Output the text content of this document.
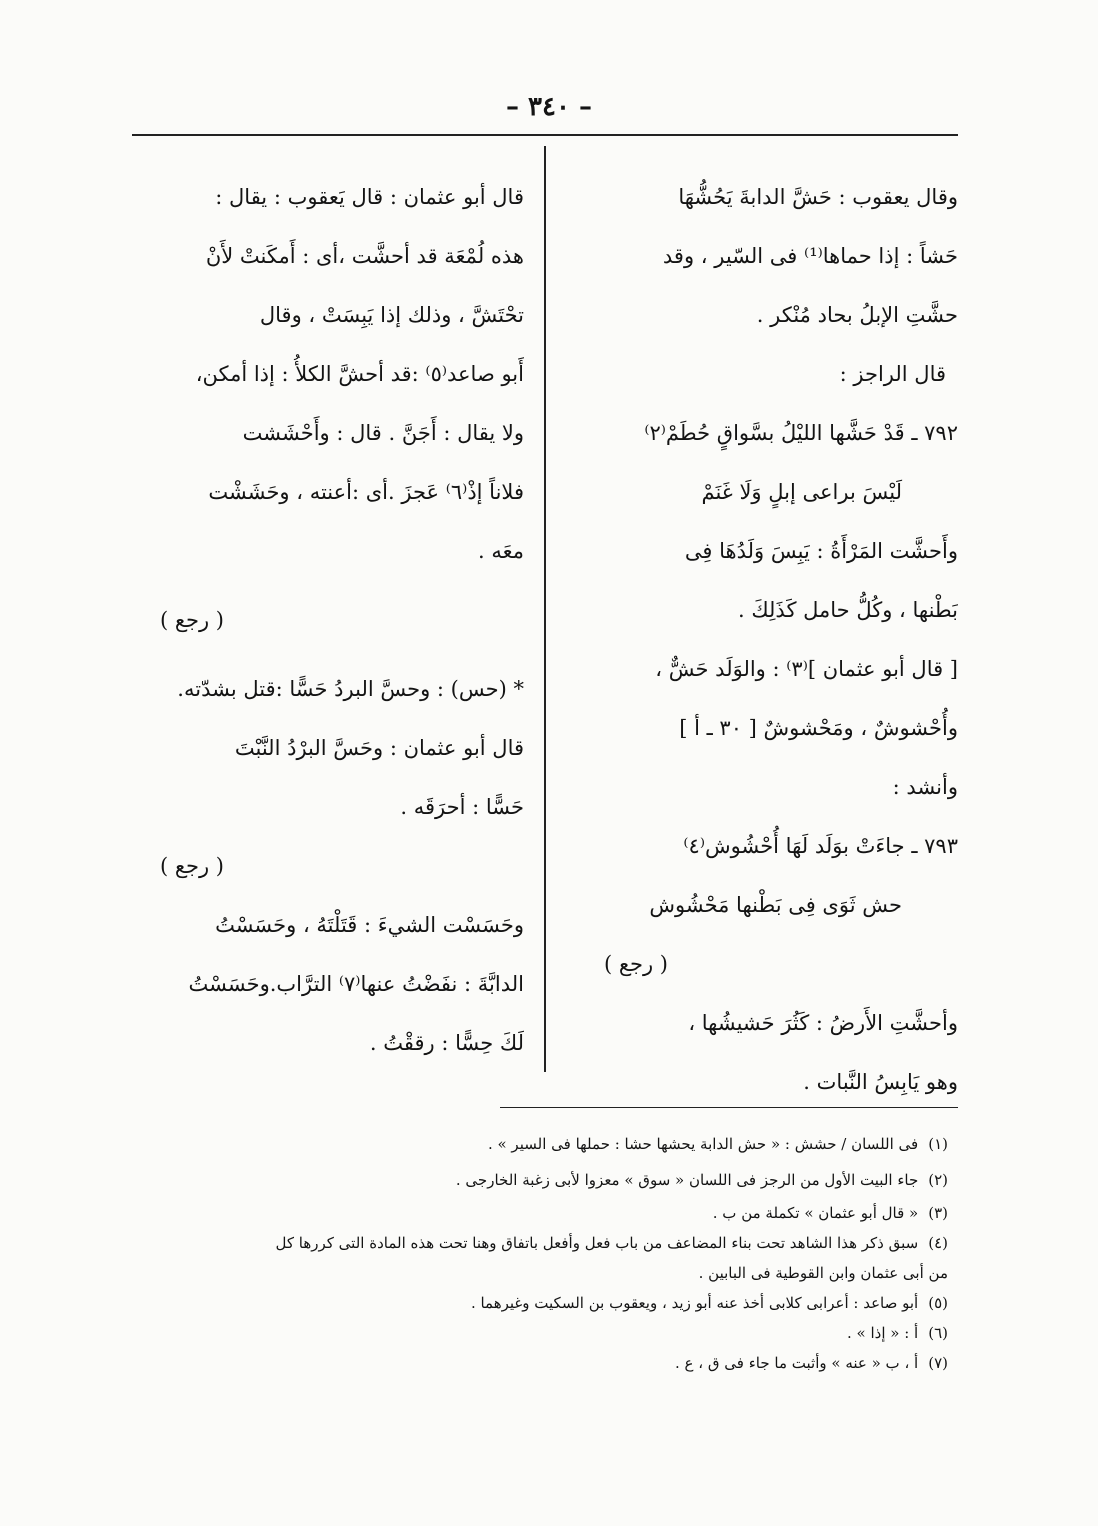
– ٣٤٠ –
وقال يعقوب : حَشَّ الدابةَ يَحُشُّهَا
حَشاً : إذا حماها⁽¹⁾ فى السّير ، وقد
حشَّتِ الإبلُ بحاد مُنْكر .
قال الراجز :
٧٩٢ ـ قَدْ حَشَّها الليْلُ بسَّواقٍ حُطَمْ⁽٢⁾
لَيْسَ براعى إبلٍ وَلَا غَنَمْ
وأَحشَّت المَرْأَةُ : يَبِسَ وَلَدُهَا فِى
بَطْنها ، وكُلُّ حامل كَذَلِكَ .
[ قال أبو عثمان ]⁽٣⁾ : والوَلَد حَشٌّ ،
وأُحْشوشٌ ، ومَحْشوشٌ [ ٣٠ ـ أ ]
وأنشد :
٧٩٣ ـ جاءَتْ بوَلَد لَهَا أُحْشُوش⁽٤⁾
حش ثَوَى فِى بَطْنها مَحْشُوش
( رجع )
وأحشَّتِ الأَرضُ : كَثُرَ حَشيشُها ،
وهو يَابِسُ النَّبات .
قال أبو عثمان : قال يَعقوب : يقال :
هذه لُمْعَة قد أحشَّت ،أى : أَمكَنتْ لأَنْ
تحْتَشَّ ، وذلك إذا يَبِسَتْ ، وقال
أَبو صاعد⁽٥⁾ :قد أحشَّ الكلأُ : إذا أمكن،
ولا يقال : أَجَنَّ . قال : وأَحْشَشت
فلاناً إذْ⁽٦⁾ عَجزَ .أى :أعنته ، وحَشَشْت
معَه .
( رجع )
* (حس) : وحسَّ البردُ حَسًّا :قتل بشدّته.
قال أبو عثمان : وحَسَّ البرْدُ النَّبْتَ
حَسًّا : أحرَقَه .
( رجع )
وحَسَسْت الشيءَ : قَتَلْتَهُ ، وحَسَسْتُ
الدابَّةَ : نفَضْتُ عنها⁽٧⁾ الترَّاب.وحَسَسْتُ
لَكَ حِسًّا : رققْتُ .
(١)فى اللسان / حشش : « حش الدابة يحشها حشا : حملها فى السير » .
(٢)جاء البيت الأول من الرجز فى اللسان « سوق » معزوا لأبى زغبة الخارجى .
(٣)« قال أبو عثمان » تكملة من ب .
(٤)سبق ذكر هذا الشاهد تحت بناء المضاعف من باب فعل وأفعل باتفاق وهنا تحت هذه المادة التى كررها كل
من أبى عثمان وابن القوطية فى البابين .
(٥)أبو صاعد : أعرابى كلابى أخذ عنه أبو زيد ، ويعقوب بن السكيت وغيرهما .
(٦)أ : « إذا » .
(٧)أ ، ب « عنه » وأثبت ما جاء فى ق ، ع .
